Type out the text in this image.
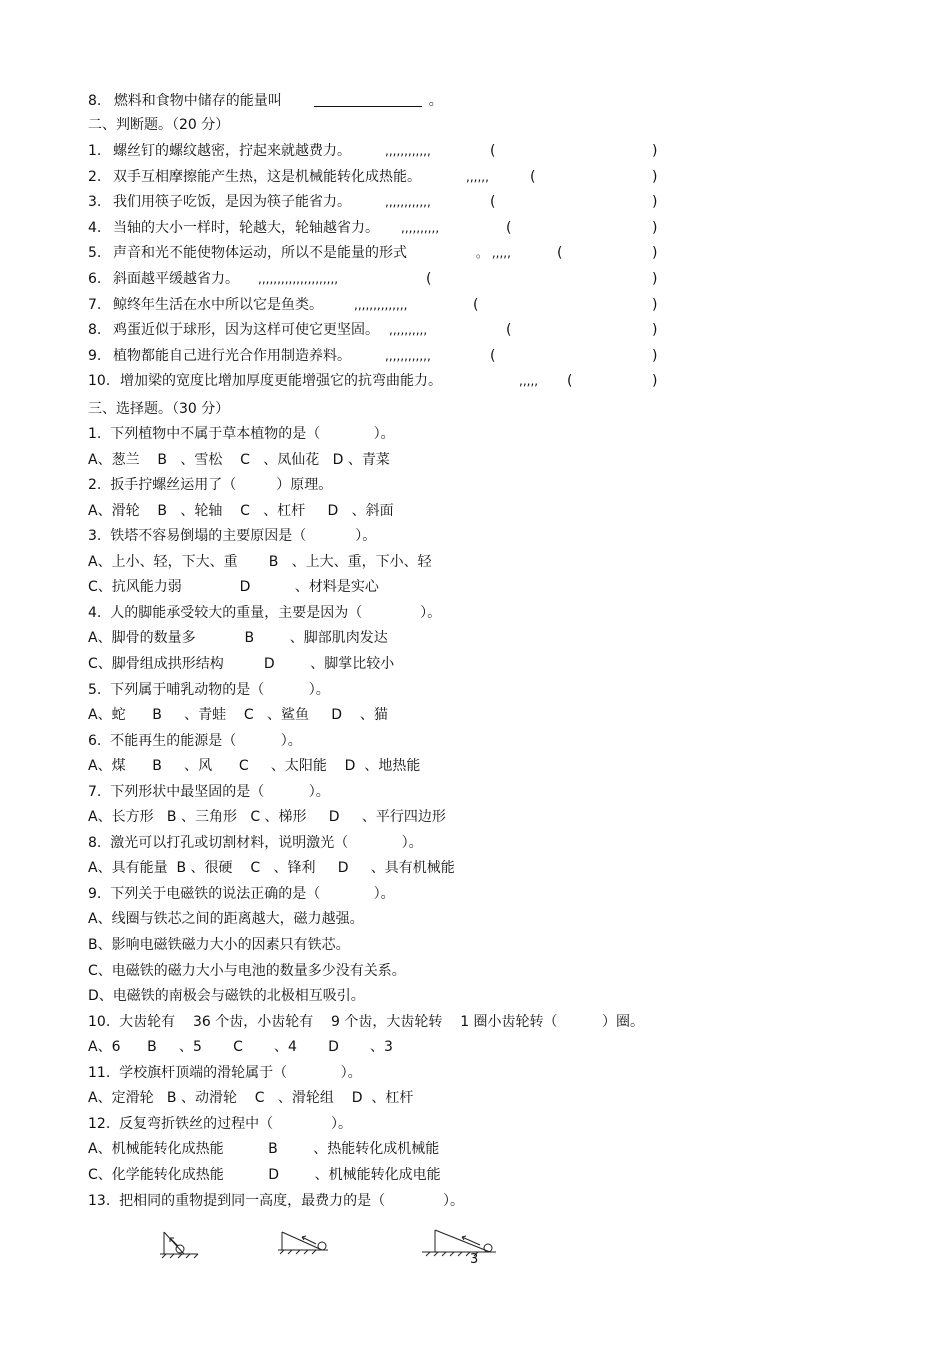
8. 燃料和食物中储存的能量叫	。
二、判断题。（20 分）
1. 螺丝钉的螺纹越密，拧起来就越费力。	,,,,,,,,,,,,	(	)
2. 双手互相摩擦能产生热，这是机械能转化成热能。	,,,,,,	(	)
3. 我们用筷子吃饭，是因为筷子能省力。	,,,,,,,,,,,,	(	)
4. 当轴的大小一样时，轮越大，轮轴越省力。 ,,,,,,,,,,	(	)
5. 声音和光不能使物体运动，所以不是能量的形式	。 ,,,,,	(	)
6. 斜面越平缓越省力。 ,,,,,,,,,,,,,,,,,,,,,	(	)
7. 鲸终年生活在水中所以它是鱼类。	,,,,,,,,,,,,,,	(	)
8. 鸡蛋近似于球形，因为这样可使它更坚固。 ,,,,,,,,,,	(	)
9. 植物都能自己进行光合作用制造养料。	,,,,,,,,,,,,	(	)
10. 增加梁的宽度比增加厚度更能增强它的抗弯曲能力。	,,,,, (	)
三、选择题。（30 分）
1.  下列植物中不属于草本植物的是（            ）。
A、葱兰    B   、雪松    C   、凤仙花   D 、青菜
2.  扳手拧螺丝运用了（         ）原理。
A、滑轮    B   、轮轴    C   、杠杆     D   、斜面
3.  铁塔不容易倒塌的主要原因是（           ）。
A、上小、轻，下大、重       B   、上大、重，下小、轻
C、抗风能力弱             D          、材料是实心
4.  人的脚能承受较大的重量，主要是因为（             ）。
A、脚骨的数量多           B        、脚部肌肉发达
C、脚骨组成拱形结构         D        、脚掌比较小
5.  下列属于哺乳动物的是（          ）。
A、蛇      B     、青蛙    C   、鲨鱼     D    、猫
6.  不能再生的能源是（          ）。
A、煤      B     、风      C     、太阳能    D  、地热能
7.  下列形状中最坚固的是（          ）。
A、长方形   B 、三角形   C 、梯形     D     、平行四边形
8.  激光可以打孔或切割材料，说明激光（            ）。
A、具有能量  B 、很硬    C   、锋利     D     、具有机械能
9.  下列关于电磁铁的说法正确的是（            ）。
A、线圈与铁芯之间的距离越大，磁力越强。
B、影响电磁铁磁力大小的因素只有铁芯。
C、电磁铁的磁力大小与电池的数量多少没有关系。
D、电磁铁的南极会与磁铁的北极相互吸引。
10.  大齿轮有    36 个齿，小齿轮有    9 个齿，大齿轮转    1 圈小齿轮转（          ）圈。
A、6      B     、5       C       、4       D       、3
11.  学校旗杆顶端的滑轮属于（            ）。
A、定滑轮   B 、动滑轮    C   、滑轮组    D  、杠杆
12.  反复弯折铁丝的过程中（             ）。
A、机械能转化成热能          B        、热能转化成机械能
C、化学能转化成热能          D        、机械能转化成电能
13.  把相同的重物提到同一高度，最费力的是（             ）。
3
